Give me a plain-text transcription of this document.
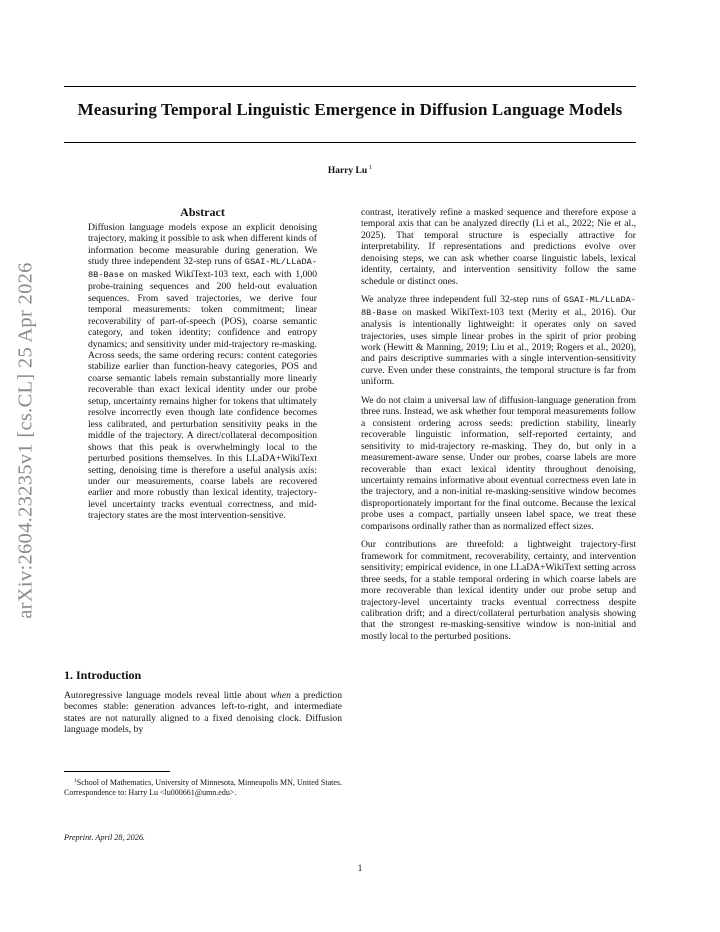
arXiv:2604.23235v1 [cs.CL] 25 Apr 2026
Measuring Temporal Linguistic Emergence in Diffusion Language Models
Harry Lu $^1$
Abstract

Diffusion language models expose an explicit denoising trajectory, making it possible to ask when different kinds of information become measurable during generation. We study three independent 32-step runs of GSAI-ML/LLaDA-8B-Base on masked WikiText-103 text, each with 1,000 probe-training sequences and 200 held-out evaluation sequences. From saved trajectories, we derive four temporal measurements: token commitment; linear recoverability of part-of-speech (POS), coarse semantic category, and token identity; confidence and entropy dynamics; and sensitivity under mid-trajectory re-masking. Across seeds, the same ordering recurs: content categories stabilize earlier than function-heavy categories, POS and coarse semantic labels remain substantially more linearly recoverable than exact lexical identity under our probe setup, uncertainty remains higher for tokens that ultimately resolve incorrectly even though late confidence becomes less calibrated, and perturbation sensitivity peaks in the middle of the trajectory. A direct/collateral decomposition shows that this peak is overwhelmingly local to the perturbed positions themselves. In this LLaDA+WikiText setting, denoising time is therefore a useful analysis axis: under our measurements, coarse labels are recovered earlier and more robustly than lexical identity, trajectory-level uncertainty tracks eventual correctness, and mid-trajectory states are the most intervention-sensitive.

1. Introduction

Autoregressive language models reveal little about when a prediction becomes stable: generation advances left-to-right, and intermediate states are not naturally aligned to a fixed denoising clock. Diffusion language models, by

$^1$School of Mathematics, University of Minnesota, Minneapolis MN, United States. Correspondence to: Harry Lu <lu000661@umn.edu>.

Preprint. April 28, 2026.

contrast, iteratively refine a masked sequence and therefore expose a temporal axis that can be analyzed directly (Li et al., 2022; Nie et al., 2025). That temporal structure is especially attractive for interpretability. If representations and predictions evolve over denoising steps, we can ask whether coarse linguistic labels, lexical identity, certainty, and intervention sensitivity follow the same schedule or distinct ones.

We analyze three independent full 32-step runs of GSAI-ML/LLaDA-8B-Base on masked WikiText-103 text (Merity et al., 2016). Our analysis is intentionally lightweight: it operates only on saved trajectories, uses simple linear probes in the spirit of prior probing work (Hewitt & Manning, 2019; Liu et al., 2019; Rogers et al., 2020), and pairs descriptive summaries with a single intervention-sensitivity curve. Even under these constraints, the temporal structure is far from uniform.

We do not claim a universal law of diffusion-language generation from three runs. Instead, we ask whether four temporal measurements follow a consistent ordering across seeds: prediction stability, linearly recoverable linguistic information, self-reported certainty, and sensitivity to mid-trajectory re-masking. They do, but only in a measurement-aware sense. Under our probes, coarse labels are more recoverable than exact lexical identity throughout denoising, uncertainty remains informative about eventual correctness even late in the trajectory, and a non-initial re-masking-sensitive window becomes disproportionately important for the final outcome. Because the lexical probe uses a compact, partially unseen label space, we treat these comparisons ordinally rather than as normalized effect sizes.

Our contributions are threefold: a lightweight trajectory-first framework for commitment, recoverability, certainty, and intervention sensitivity; empirical evidence, in one LLaDA+WikiText setting across three seeds, for a stable temporal ordering in which coarse labels are more recoverable than lexical identity under our probe setup and trajectory-level uncertainty tracks eventual correctness despite calibration drift; and a direct/collateral perturbation analysis showing that the strongest re-masking-sensitive window is non-initial and mostly local to the perturbed positions.

1
